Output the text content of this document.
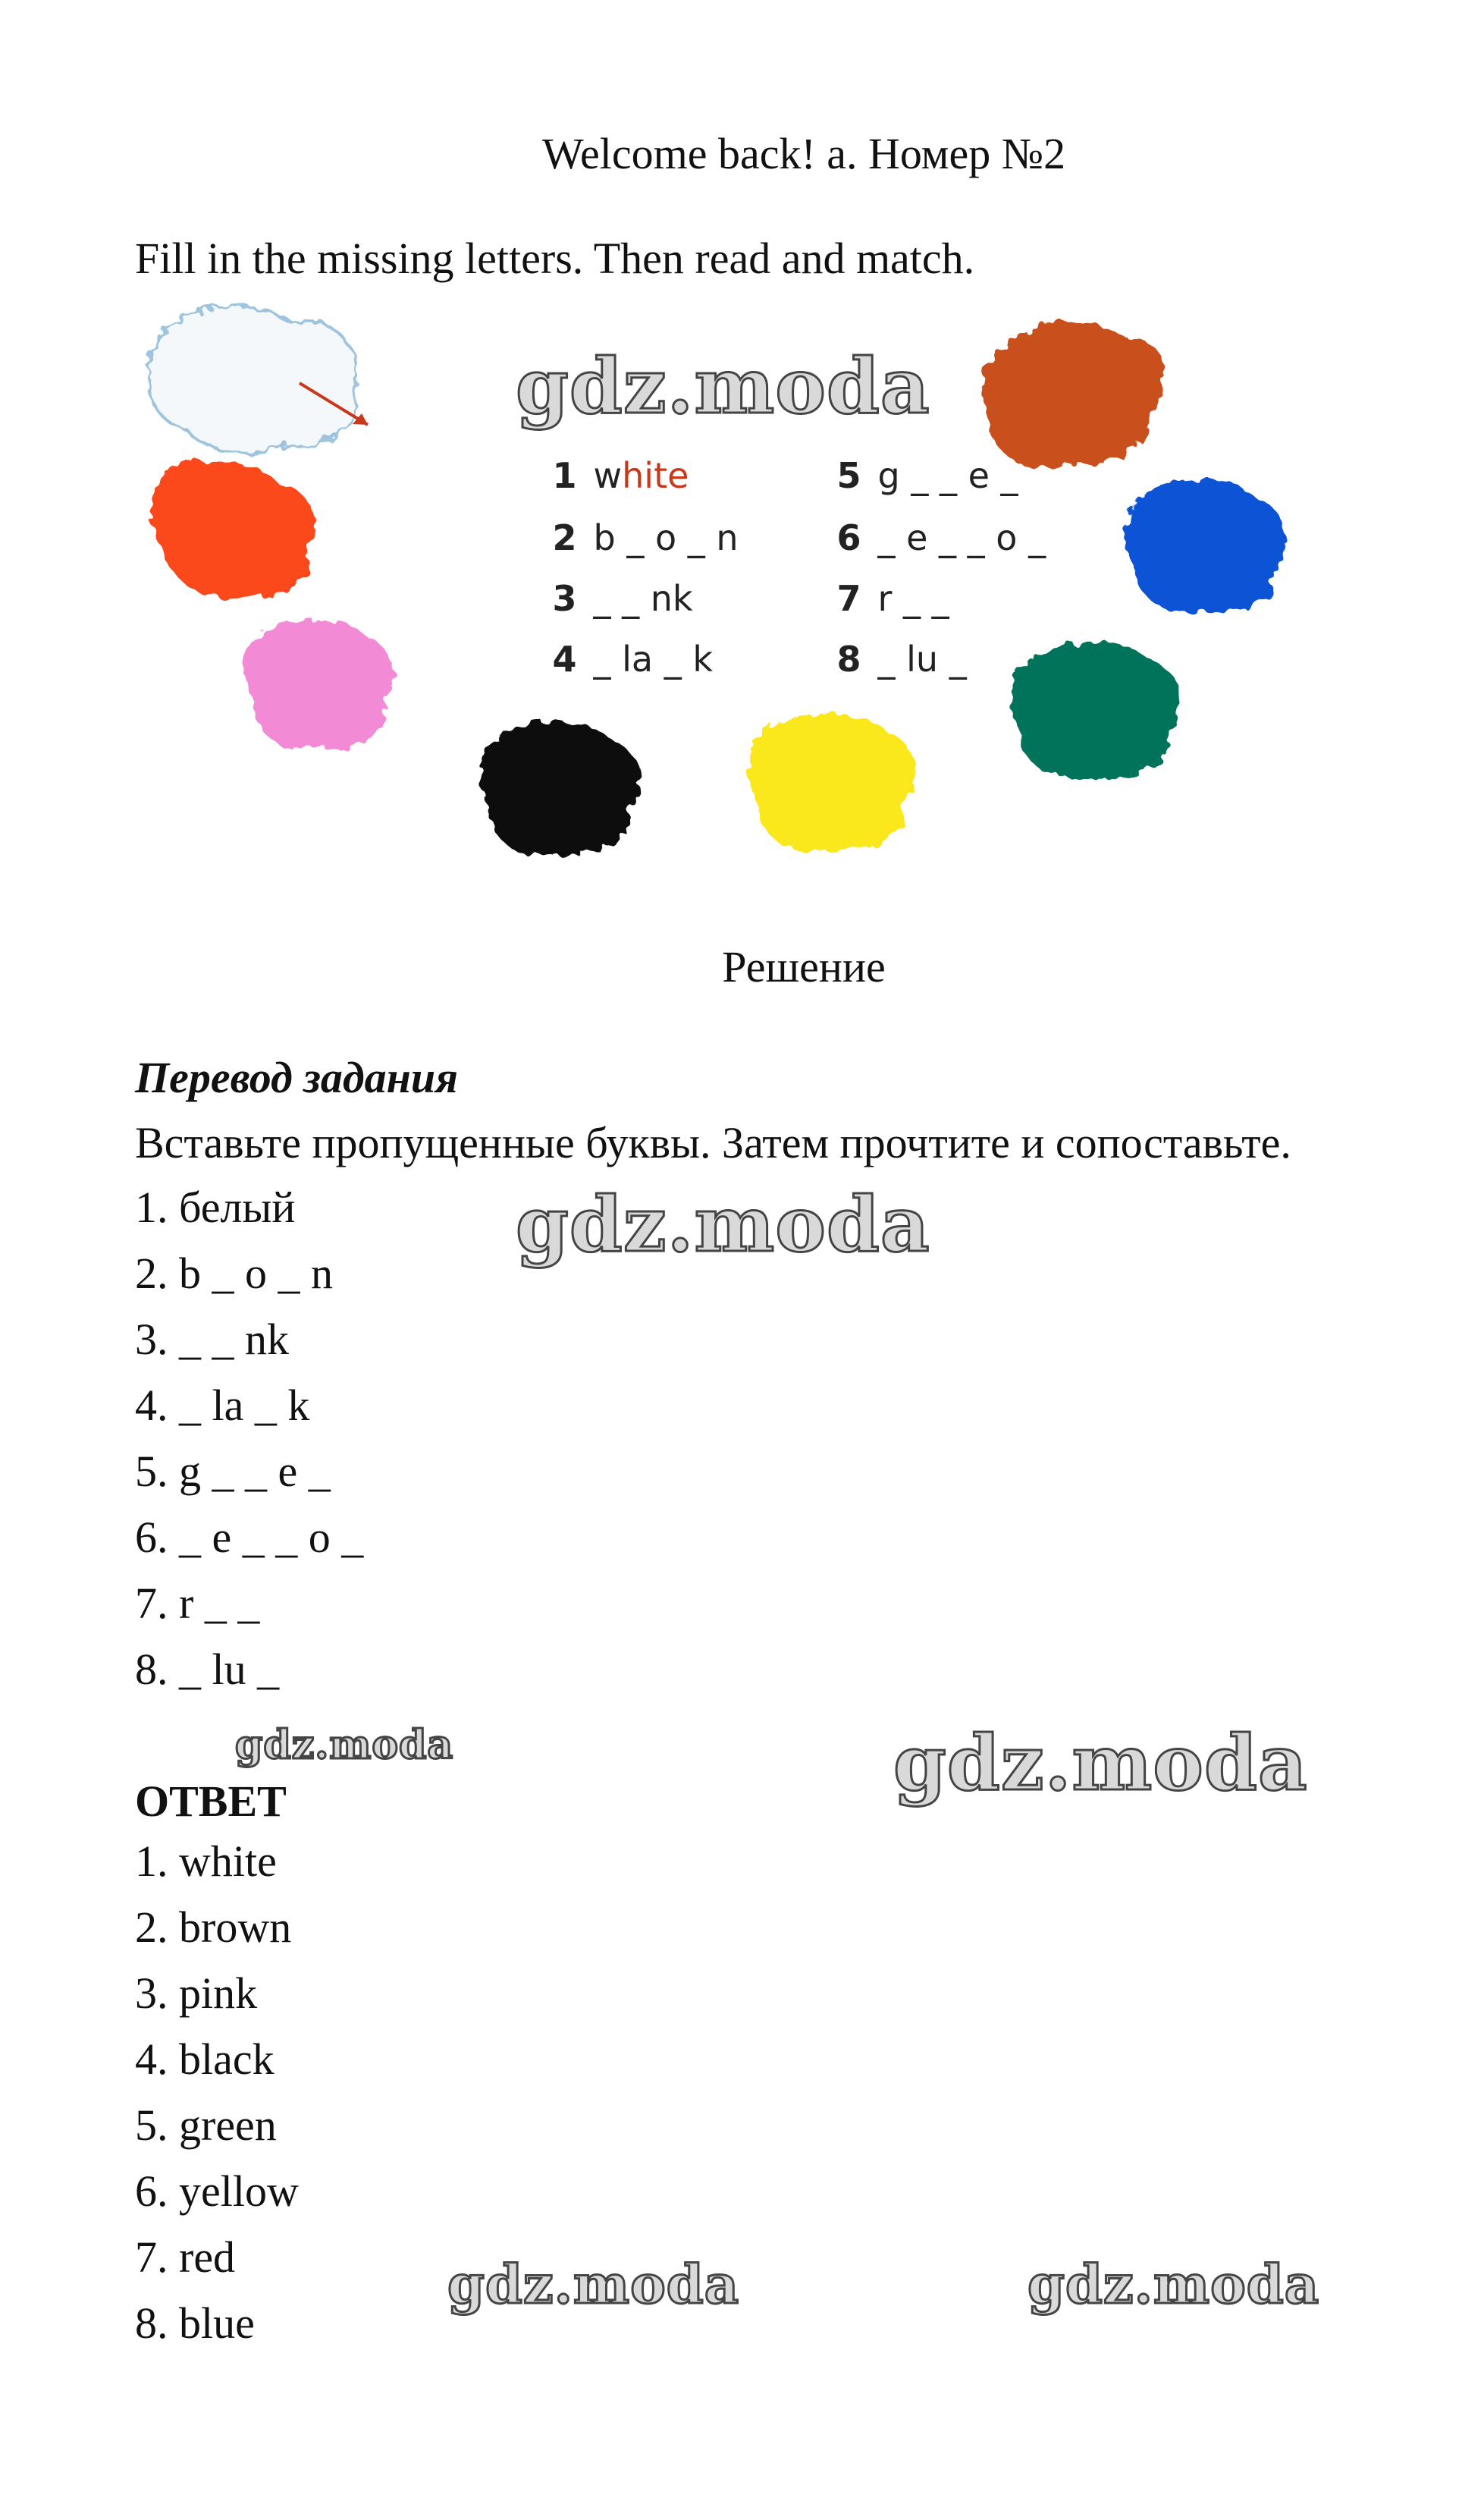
Welcome back! a. Номер №2
Fill in the missing letters. Then read and match.

1 white
	5 g _ _ e _

2 b _ o _ n
	6 _ e _ _ o _

3 _ _ nk
	7 r _ _

4 _ la _ k
	8 _ lu _

Решение
Перевод задания
Вставьте пропущенные буквы. Затем прочтите и сопоставьте.
1. белый
2. b _ o _ n
3. _ _ nk
4. _ la _ k
5. g _ _ e _
6. _ e _ _ o _
7. r _ _
8. _ lu _
ОТВЕТ
1. white
2. brown
3. pink
4. black
5. green
6. yellow
7. red
8. blue
gdz.moda
gdz.moda
gdz.moda	gdz.moda
gdz.moda	gdz.moda
